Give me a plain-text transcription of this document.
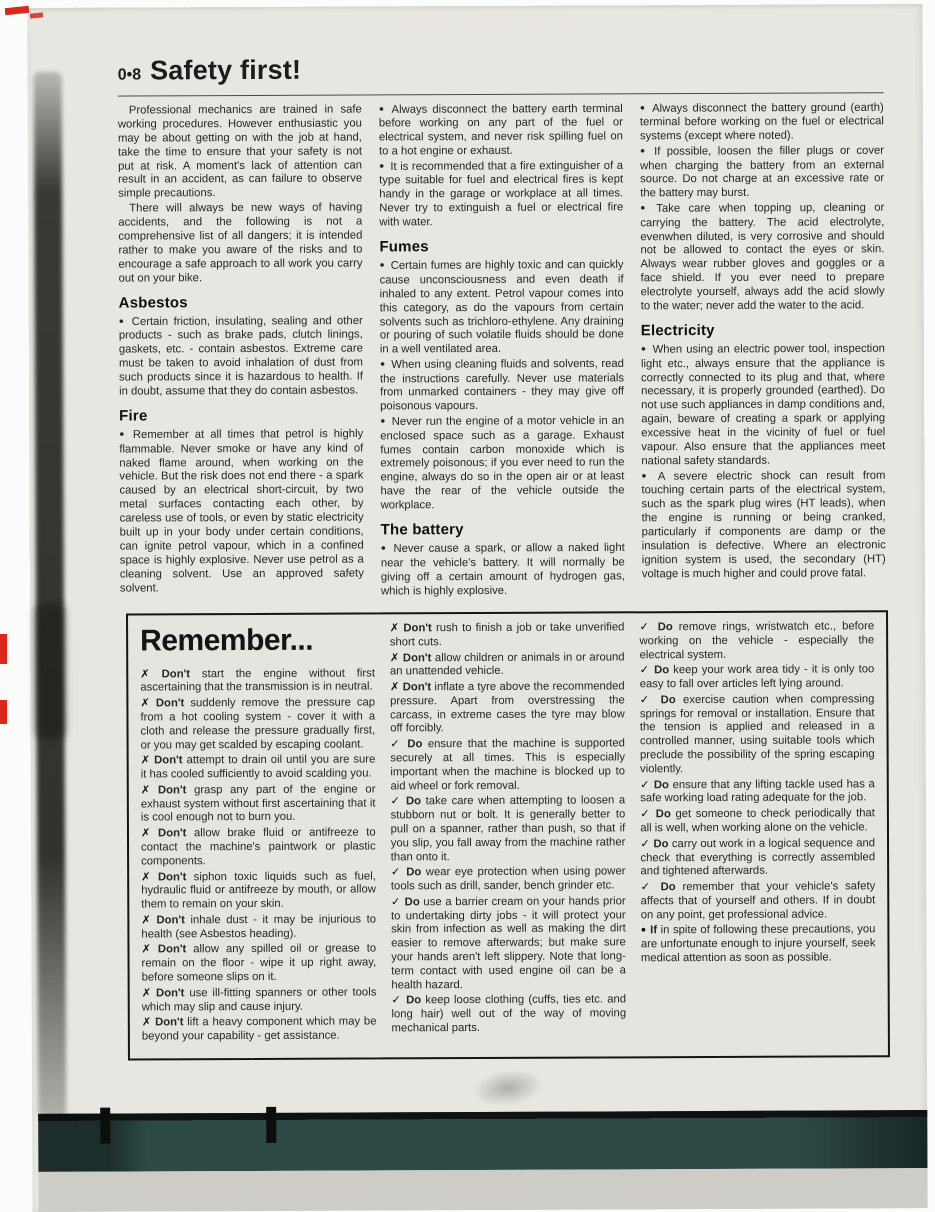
0•8 Safety first!

Professional mechanics are trained in safe working procedures. However enthusiastic you may be about getting on with the job at hand, take the time to ensure that your safety is not put at risk. A moment's lack of attention can result in an accident, as can failure to observe simple precautions.

There will always be new ways of having accidents, and the following is not a comprehensive list of all dangers; it is intended rather to make you aware of the risks and to encourage a safe approach to all work you carry out on your bike.

Asbestos

● Certain friction, insulating, sealing and other products - such as brake pads, clutch linings, gaskets, etc. - contain asbestos. Extreme care must be taken to avoid inhalation of dust from such products since it is hazardous to health. If in doubt, assume that they do contain asbestos.

Fire

● Remember at all times that petrol is highly flammable. Never smoke or have any kind of naked flame around, when working on the vehicle. But the risk does not end there - a spark caused by an electrical short-circuit, by two metal surfaces contacting each other, by careless use of tools, or even by static electricity built up in your body under certain conditions, can ignite petrol vapour, which in a confined space is highly explosive. Never use petrol as a cleaning solvent. Use an approved safety solvent.

● Always disconnect the battery earth terminal before working on any part of the fuel or electrical system, and never risk spilling fuel on to a hot engine or exhaust.

● It is recommended that a fire extinguisher of a type suitable for fuel and electrical fires is kept handy in the garage or workplace at all times. Never try to extinguish a fuel or electrical fire with water.

Fumes

● Certain fumes are highly toxic and can quickly cause unconsciousness and even death if inhaled to any extent. Petrol vapour comes into this category, as do the vapours from certain solvents such as trichloro-ethylene. Any draining or pouring of such volatile fluids should be done in a well ventilated area.

● When using cleaning fluids and solvents, read the instructions carefully. Never use materials from unmarked containers - they may give off poisonous vapours.

● Never run the engine of a motor vehicle in an enclosed space such as a garage. Exhaust fumes contain carbon monoxide which is extremely poisonous; if you ever need to run the engine, always do so in the open air or at least have the rear of the vehicle outside the workplace.

The battery

● Never cause a spark, or allow a naked light near the vehicle's battery. It will normally be giving off a certain amount of hydrogen gas, which is highly explosive.

● Always disconnect the battery ground (earth) terminal before working on the fuel or electrical systems (except where noted).

● If possible, loosen the filler plugs or cover when charging the battery from an external source. Do not charge at an excessive rate or the battery may burst.

● Take care when topping up, cleaning or carrying the battery. The acid electrolyte, evenwhen diluted, is very corrosive and should not be allowed to contact the eyes or skin. Always wear rubber gloves and goggles or a face shield. If you ever need to prepare electrolyte yourself, always add the acid slowly to the water; never add the water to the acid.

Electricity

● When using an electric power tool, inspection light etc., always ensure that the appliance is correctly connected to its plug and that, where necessary, it is properly grounded (earthed). Do not use such appliances in damp conditions and, again, beware of creating a spark or applying excessive heat in the vicinity of fuel or fuel vapour. Also ensure that the appliances meet national safety standards.

● A severe electric shock can result from touching certain parts of the electrical system, such as the spark plug wires (HT leads), when the engine is running or being cranked, particularly if components are damp or the insulation is defective. Where an electronic ignition system is used, the secondary (HT) voltage is much higher and could prove fatal.

Remember...

✗ Don't start the engine without first ascertaining that the transmission is in neutral.

✗ Don't suddenly remove the pressure cap from a hot cooling system - cover it with a cloth and release the pressure gradually first, or you may get scalded by escaping coolant.

✗ Don't attempt to drain oil until you are sure it has cooled sufficiently to avoid scalding you.

✗ Don't grasp any part of the engine or exhaust system without first ascertaining that it is cool enough not to burn you.

✗ Don't allow brake fluid or antifreeze to contact the machine's paintwork or plastic components.

✗ Don't siphon toxic liquids such as fuel, hydraulic fluid or antifreeze by mouth, or allow them to remain on your skin.

✗ Don't inhale dust - it may be injurious to health (see Asbestos heading).

✗ Don't allow any spilled oil or grease to remain on the floor - wipe it up right away, before someone slips on it.

✗ Don't use ill-fitting spanners or other tools which may slip and cause injury.

✗ Don't lift a heavy component which may be beyond your capability - get assistance.

✗ Don't rush to finish a job or take unverified short cuts.

✗ Don't allow children or animals in or around an unattended vehicle.

✗ Don't inflate a tyre above the recommended pressure. Apart from overstressing the carcass, in extreme cases the tyre may blow off forcibly.

✓ Do ensure that the machine is supported securely at all times. This is especially important when the machine is blocked up to aid wheel or fork removal.

✓ Do take care when attempting to loosen a stubborn nut or bolt. It is generally better to pull on a spanner, rather than push, so that if you slip, you fall away from the machine rather than onto it.

✓ Do wear eye protection when using power tools such as drill, sander, bench grinder etc.

✓ Do use a barrier cream on your hands prior to undertaking dirty jobs - it will protect your skin from infection as well as making the dirt easier to remove afterwards; but make sure your hands aren't left slippery. Note that long-term contact with used engine oil can be a health hazard.

✓ Do keep loose clothing (cuffs, ties etc. and long hair) well out of the way of moving mechanical parts.

✓ Do remove rings, wristwatch etc., before working on the vehicle - especially the electrical system.

✓ Do keep your work area tidy - it is only too easy to fall over articles left lying around.

✓ Do exercise caution when compressing springs for removal or installation. Ensure that the tension is applied and released in a controlled manner, using suitable tools which preclude the possibility of the spring escaping violently.

✓ Do ensure that any lifting tackle used has a safe working load rating adequate for the job.

✓ Do get someone to check periodically that all is well, when working alone on the vehicle.

✓ Do carry out work in a logical sequence and check that everything is correctly assembled and tightened afterwards.

✓ Do remember that your vehicle's safety affects that of yourself and others. If in doubt on any point, get professional advice.

● If in spite of following these precautions, you are unfortunate enough to injure yourself, seek medical attention as soon as possible.
